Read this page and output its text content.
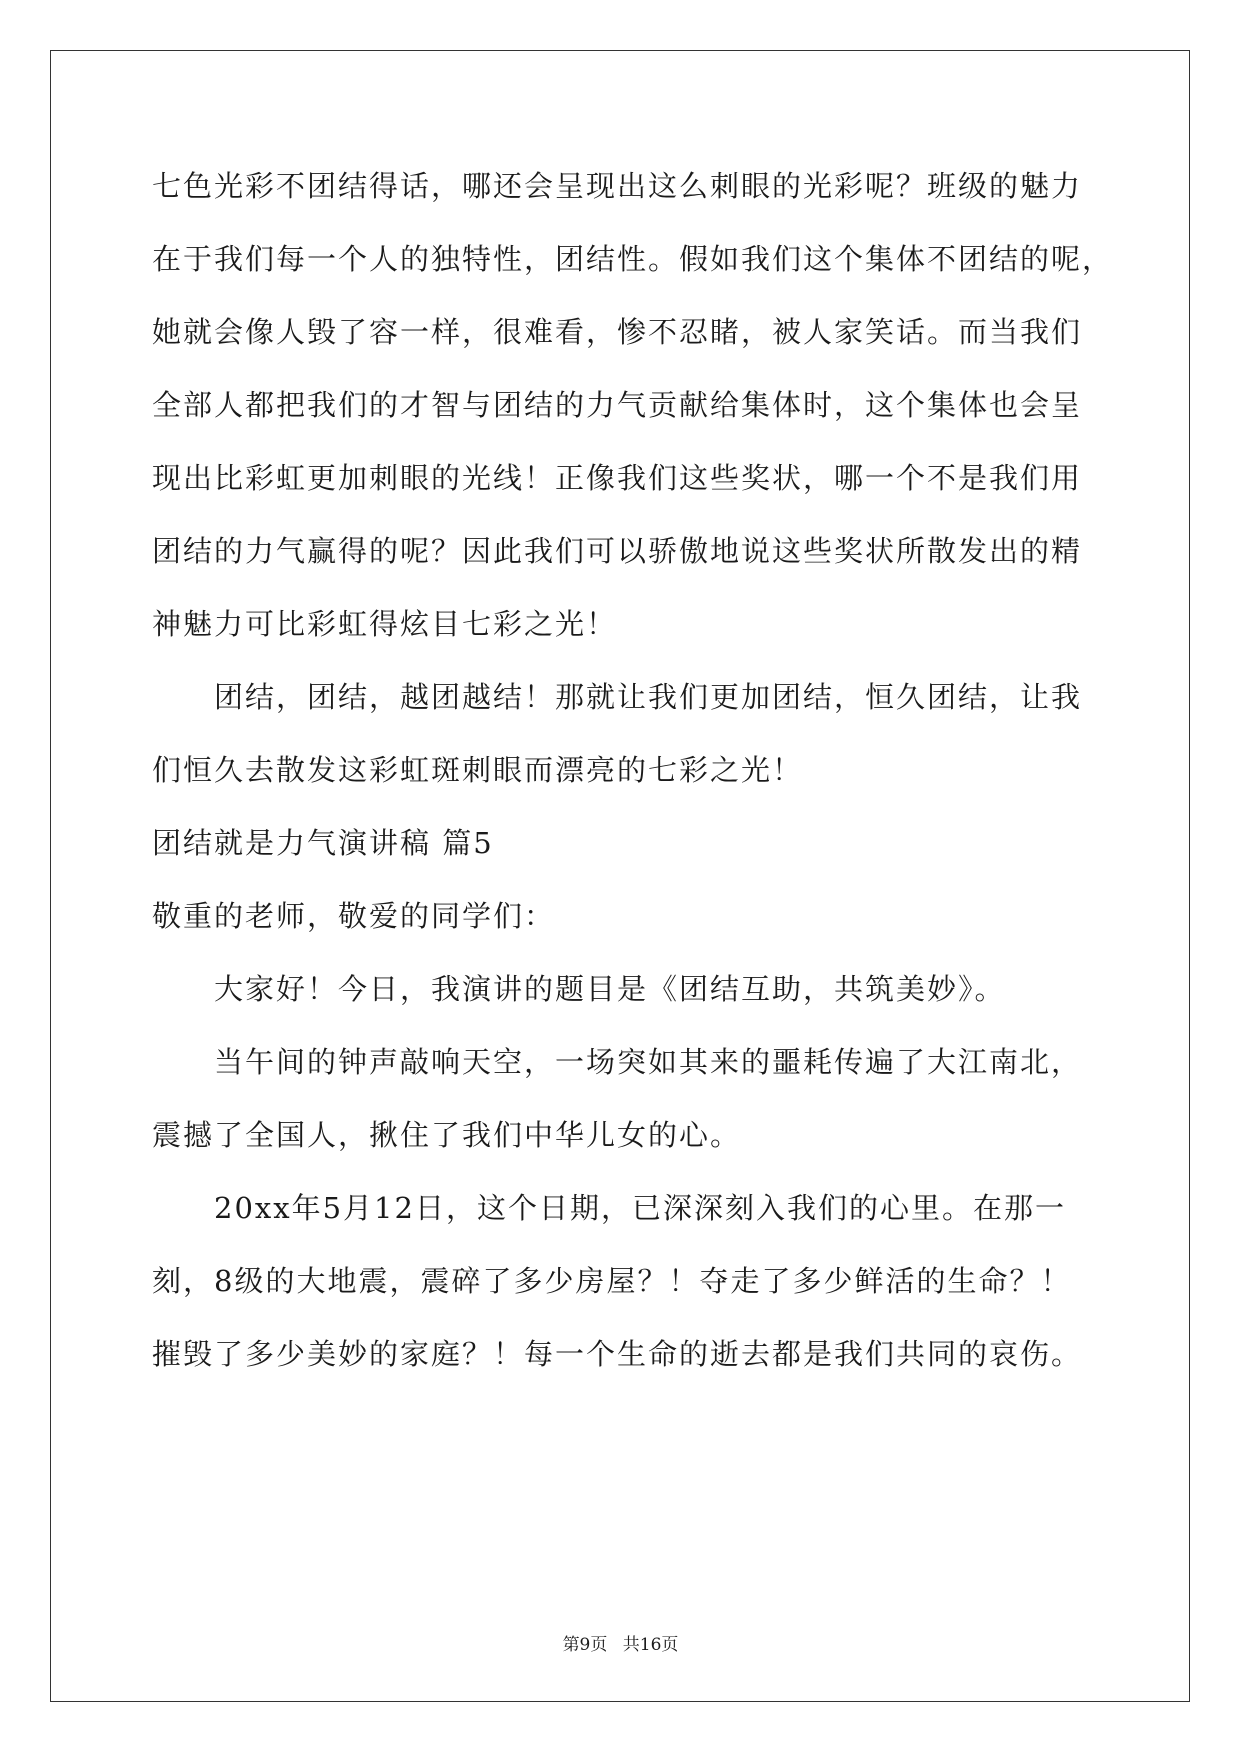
七色光彩不团结得话，哪还会呈现出这么刺眼的光彩呢？班级的魅力
在于我们每一个人的独特性，团结性。假如我们这个集体不团结的呢，
她就会像人毁了容一样，很难看，惨不忍睹，被人家笑话。而当我们
全部人都把我们的才智与团结的力气贡献给集体时，这个集体也会呈
现出比彩虹更加刺眼的光线！正像我们这些奖状，哪一个不是我们用
团结的力气赢得的呢？因此我们可以骄傲地说这些奖状所散发出的精
神魅力可比彩虹得炫目七彩之光！
团结，团结，越团越结！那就让我们更加团结，恒久团结，让我
们恒久去散发这彩虹斑刺眼而漂亮的七彩之光！
团结就是力气演讲稿 篇5
敬重的老师，敬爱的同学们：
大家好！今日，我演讲的题目是《团结互助，共筑美妙》。
当午间的钟声敲响天空，一场突如其来的噩耗传遍了大江南北，
震撼了全国人，揪住了我们中华儿女的心。
20xx年5月12日，这个日期，已深深刻入我们的心里。在那一
刻，8级的大地震，震碎了多少房屋？！夺走了多少鲜活的生命？！
摧毁了多少美妙的家庭？！每一个生命的逝去都是我们共同的哀伤。
第9页 共16页
